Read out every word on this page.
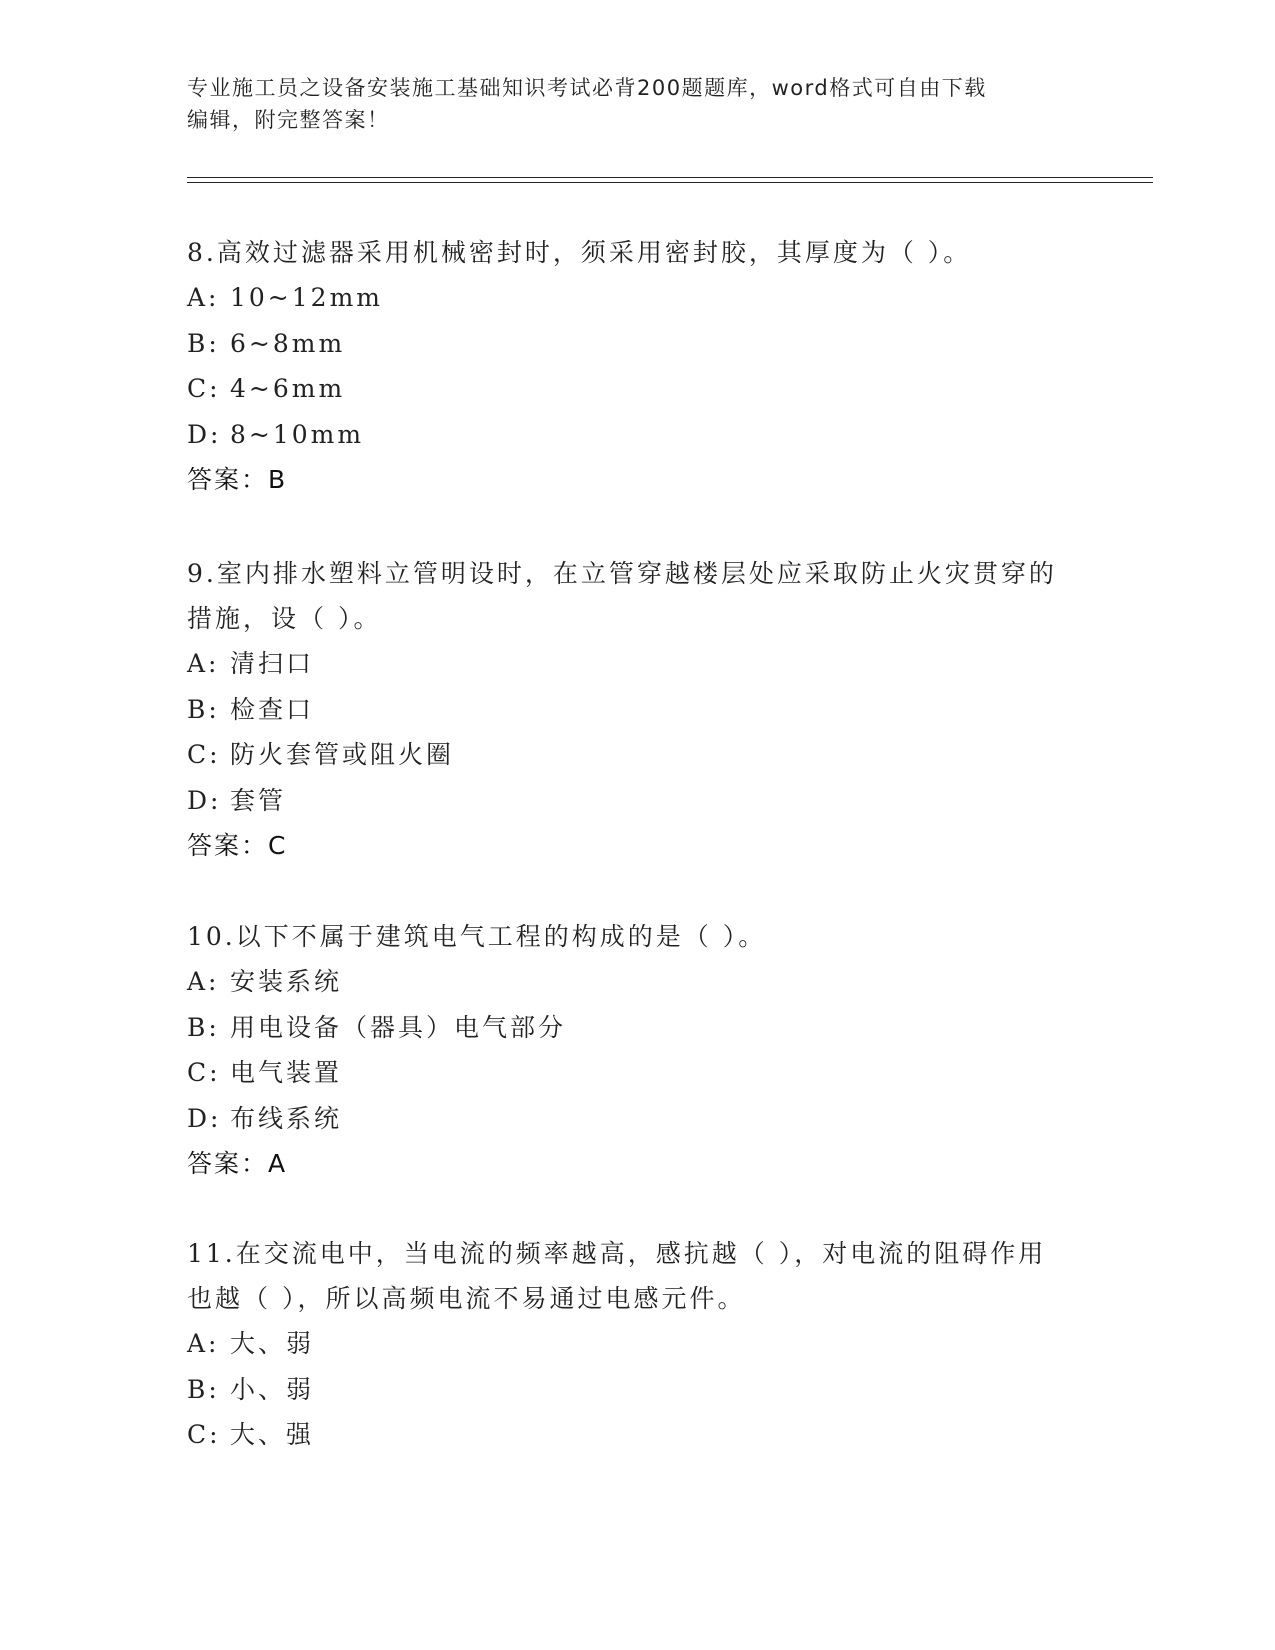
专业施工员之设备安装施工基础知识考试必背200题题库，word格式可自由下载
编辑，附完整答案！
8.高效过滤器采用机械密封时，须采用密封胶，其厚度为（ ）。
A: 10~12mm
B: 6~8mm
C: 4~6mm
D: 8~10mm
答案：B
9.室内排水塑料立管明设时，在立管穿越楼层处应采取防止火灾贯穿的措施，设（ ）。
A: 清扫口
B: 检查口
C: 防火套管或阻火圈
D: 套管
答案：C
10.以下不属于建筑电气工程的构成的是（ ）。
A: 安装系统
B: 用电设备（器具）电气部分
C: 电气装置
D: 布线系统
答案：A
11.在交流电中，当电流的频率越高，感抗越（ ），对电流的阻碍作用也越（ ），所以高频电流不易通过电感元件。
A: 大、弱
B: 小、弱
C: 大、强
